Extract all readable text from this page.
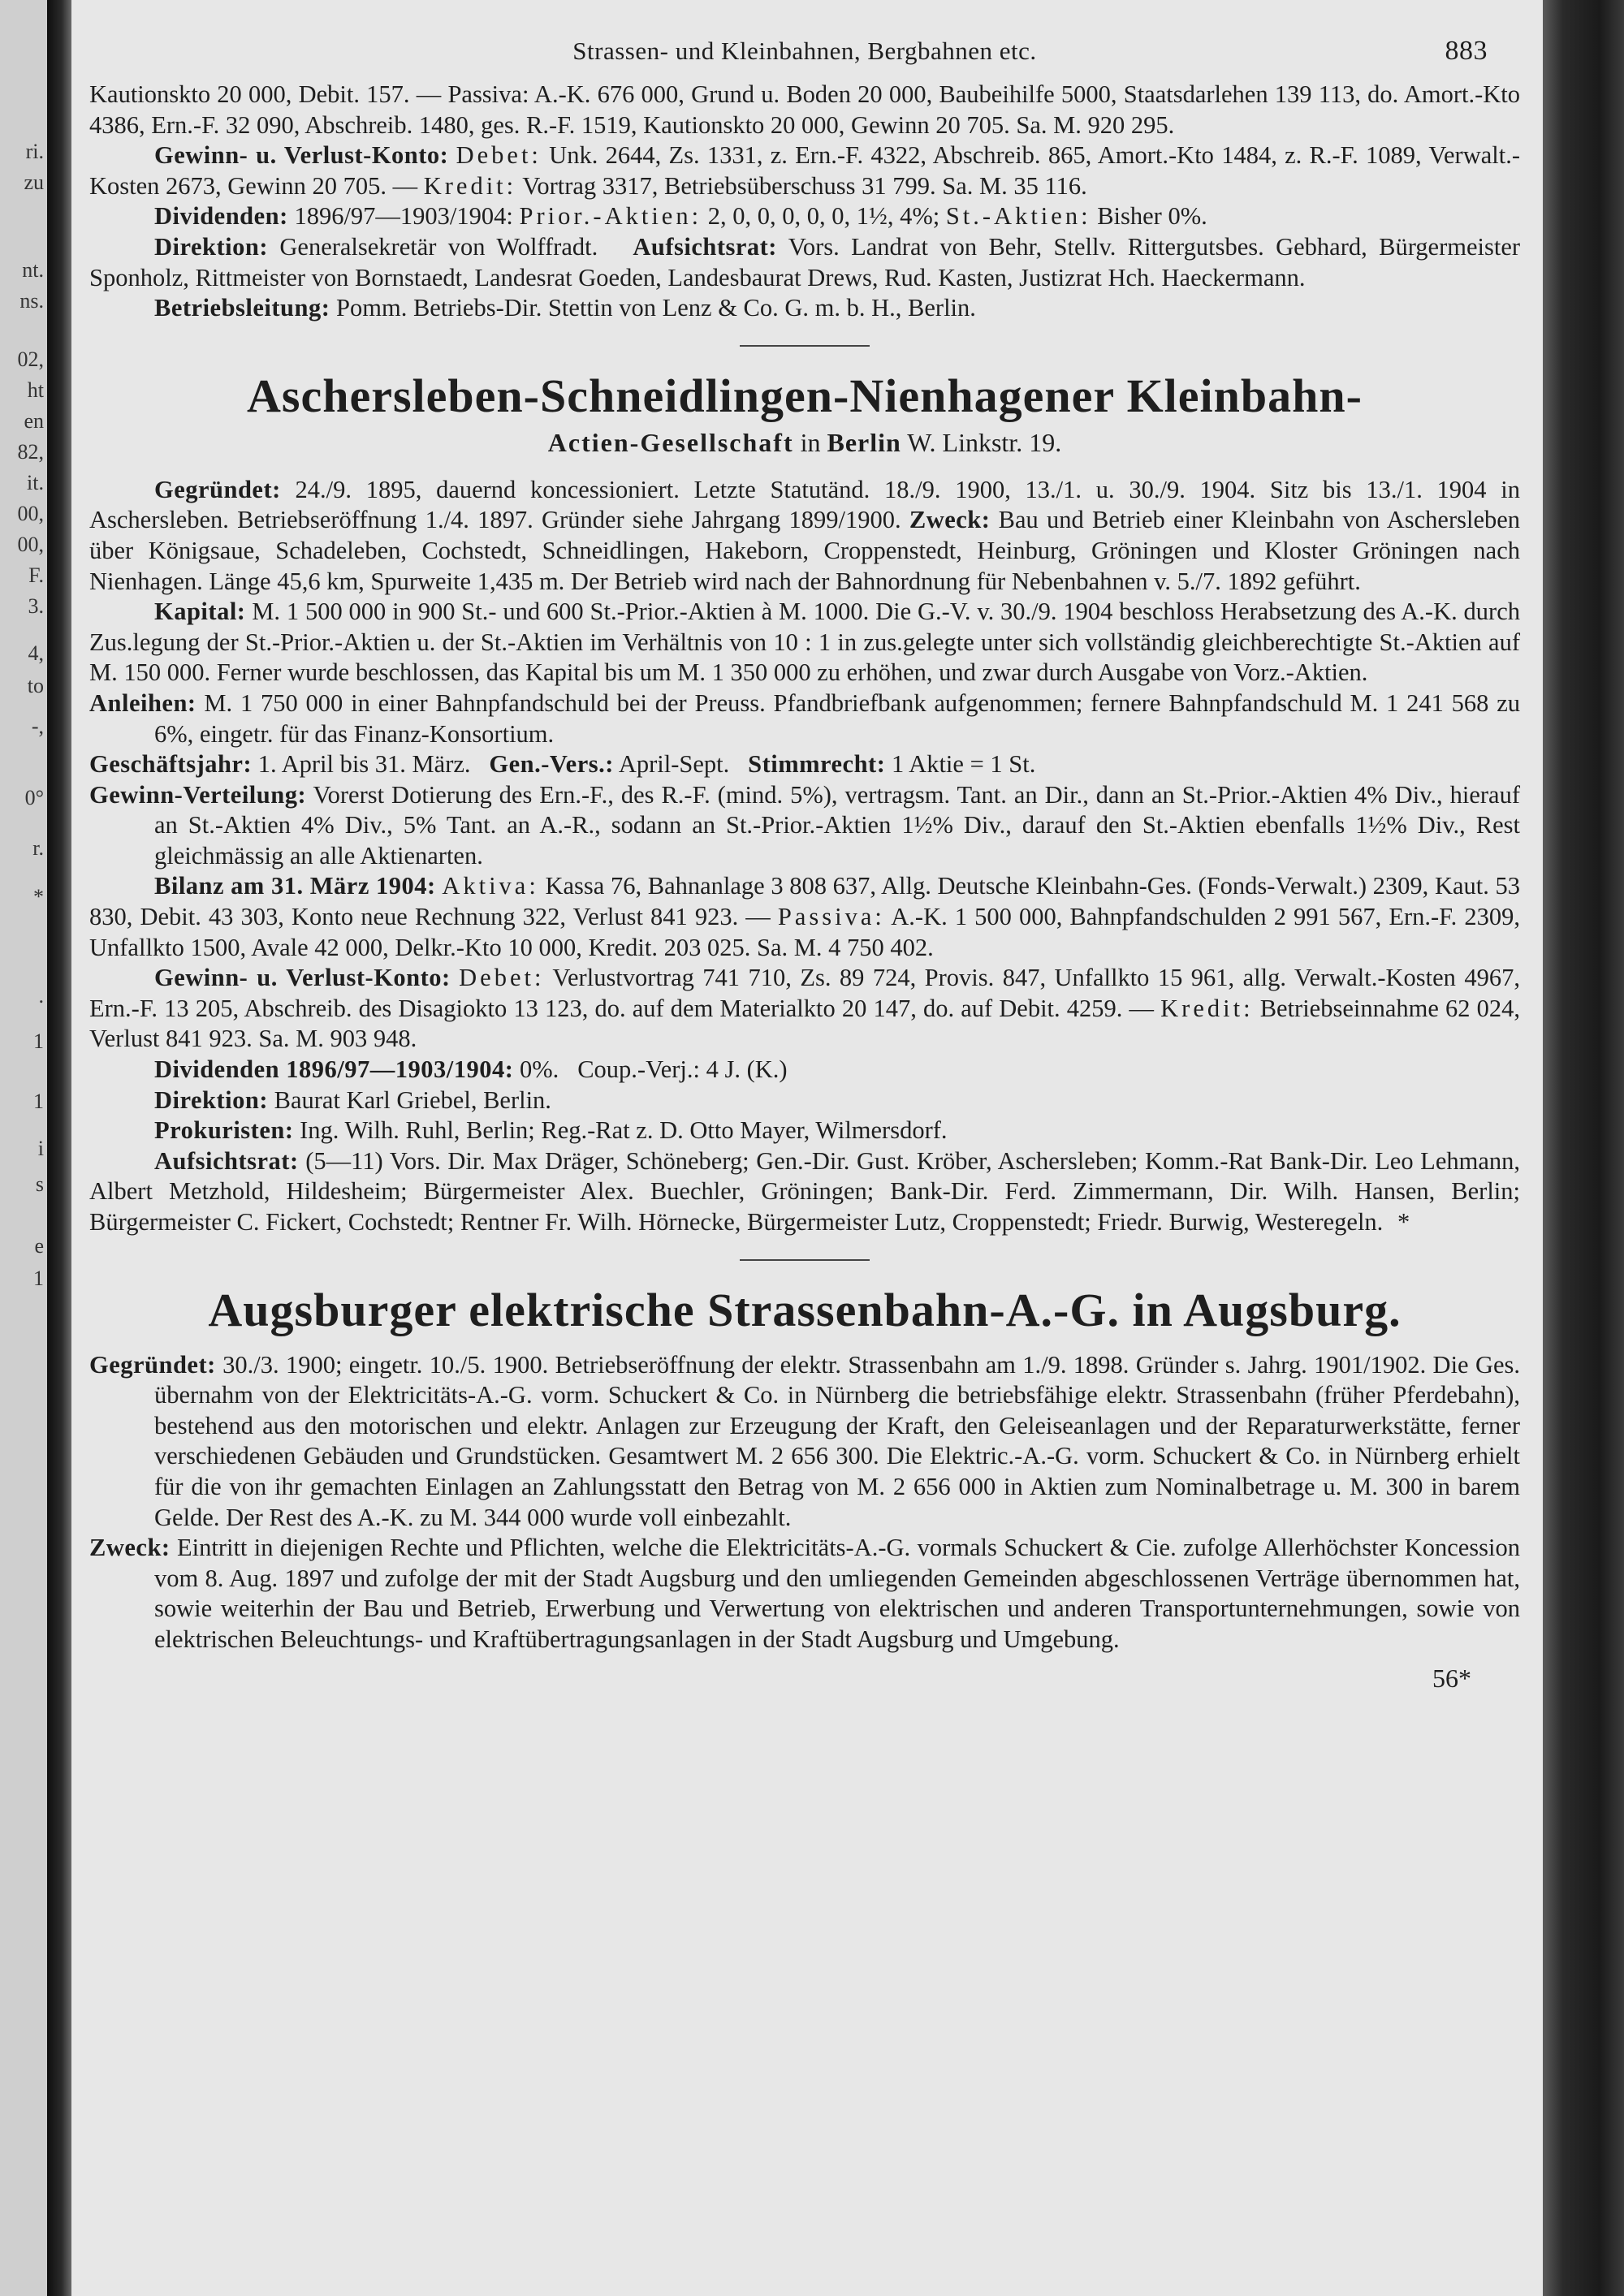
ri.
zu
nt.
ns.
02,
ht
en
82,
it.
00,
00,
F.
3.
4,
to
-,
0°
r.
*
.
1
1
i
s
e
1
Strassen- und Kleinbahnen, Bergbahnen etc.	883

Kautionskto 20 000, Debit. 157. — Passiva: A.-K. 676 000, Grund u. Boden 20 000, Baubeihilfe 5000, Staatsdarlehen 139 113, do. Amort.-Kto 4386, Ern.-F. 32 090, Abschreib. 1480, ges. R.-F. 1519, Kautionskto 20 000, Gewinn 20 705. Sa. M. 920 295.

Gewinn- u. Verlust-Konto: Debet: Unk. 2644, Zs. 1331, z. Ern.-F. 4322, Abschreib. 865, Amort.-Kto 1484, z. R.-F. 1089, Verwalt.-Kosten 2673, Gewinn 20 705. — Kredit: Vortrag 3317, Betriebsüberschuss 31 799. Sa. M. 35 116.

Dividenden: 1896/97—1903/1904: Prior.-Aktien: 2, 0, 0, 0, 0, 0, 1½, 4%; St.-Aktien: Bisher 0%.

Direktion: Generalsekretär von Wolffradt. Aufsichtsrat: Vors. Landrat von Behr, Stellv. Rittergutsbes. Gebhard, Bürgermeister Sponholz, Rittmeister von Bornstaedt, Landesrat Goeden, Landesbaurat Drews, Rud. Kasten, Justizrat Hch. Haeckermann.

Betriebsleitung: Pomm. Betriebs-Dir. Stettin von Lenz & Co. G. m. b. H., Berlin.

Aschersleben-Schneidlingen-Nienhagener Kleinbahn-
Actien-Gesellschaft in Berlin W. Linkstr. 19.

Gegründet: 24./9. 1895, dauernd koncessioniert. Letzte Statutänd. 18./9. 1900, 13./1. u. 30./9. 1904. Sitz bis 13./1. 1904 in Aschersleben. Betriebseröffnung 1./4. 1897. Gründer siehe Jahrgang 1899/1900. Zweck: Bau und Betrieb einer Kleinbahn von Aschersleben über Königsaue, Schadeleben, Cochstedt, Schneidlingen, Hakeborn, Croppenstedt, Heinburg, Gröningen und Kloster Gröningen nach Nienhagen. Länge 45,6 km, Spurweite 1,435 m. Der Betrieb wird nach der Bahnordnung für Nebenbahnen v. 5./7. 1892 geführt.

Kapital: M. 1 500 000 in 900 St.- und 600 St.-Prior.-Aktien à M. 1000. Die G.-V. v. 30./9. 1904 beschloss Herabsetzung des A.-K. durch Zus.legung der St.-Prior.-Aktien u. der St.-Aktien im Verhältnis von 10 : 1 in zus.gelegte unter sich vollständig gleichberechtigte St.-Aktien auf M. 150 000. Ferner wurde beschlossen, das Kapital bis um M. 1 350 000 zu erhöhen, und zwar durch Ausgabe von Vorz.-Aktien.

Anleihen: M. 1 750 000 in einer Bahnpfandschuld bei der Preuss. Pfandbriefbank aufgenommen; fernere Bahnpfandschuld M. 1 241 568 zu 6%, eingetr. für das Finanz-Konsortium.

Geschäftsjahr: 1. April bis 31. März. Gen.-Vers.: April-Sept. Stimmrecht: 1 Aktie = 1 St.

Gewinn-Verteilung: Vorerst Dotierung des Ern.-F., des R.-F. (mind. 5%), vertragsm. Tant. an Dir., dann an St.-Prior.-Aktien 4% Div., hierauf an St.-Aktien 4% Div., 5% Tant. an A.-R., sodann an St.-Prior.-Aktien 1½% Div., darauf den St.-Aktien ebenfalls 1½% Div., Rest gleichmässig an alle Aktienarten.

Bilanz am 31. März 1904: Aktiva: Kassa 76, Bahnanlage 3 808 637, Allg. Deutsche Kleinbahn-Ges. (Fonds-Verwalt.) 2309, Kaut. 53 830, Debit. 43 303, Konto neue Rechnung 322, Verlust 841 923. — Passiva: A.-K. 1 500 000, Bahnpfandschulden 2 991 567, Ern.-F. 2309, Unfallkto 1500, Avale 42 000, Delkr.-Kto 10 000, Kredit. 203 025. Sa. M. 4 750 402.

Gewinn- u. Verlust-Konto: Debet: Verlustvortrag 741 710, Zs. 89 724, Provis. 847, Unfallkto 15 961, allg. Verwalt.-Kosten 4967, Ern.-F. 13 205, Abschreib. des Disagiokto 13 123, do. auf dem Materialkto 20 147, do. auf Debit. 4259. — Kredit: Betriebseinnahme 62 024, Verlust 841 923. Sa. M. 903 948.

Dividenden 1896/97—1903/1904: 0%. Coup.-Verj.: 4 J. (K.)

Direktion: Baurat Karl Griebel, Berlin.

Prokuristen: Ing. Wilh. Ruhl, Berlin; Reg.-Rat z. D. Otto Mayer, Wilmersdorf.

Aufsichtsrat: (5—11) Vors. Dir. Max Dräger, Schöneberg; Gen.-Dir. Gust. Kröber, Aschersleben; Komm.-Rat Bank-Dir. Leo Lehmann, Albert Metzhold, Hildesheim; Bürgermeister Alex. Buechler, Gröningen; Bank-Dir. Ferd. Zimmermann, Dir. Wilh. Hansen, Berlin; Bürgermeister C. Fickert, Cochstedt; Rentner Fr. Wilh. Hörnecke, Bürgermeister Lutz, Croppenstedt; Friedr. Burwig, Westeregeln. *

Augsburger elektrische Strassenbahn-A.-G. in Augsburg.

Gegründet: 30./3. 1900; eingetr. 10./5. 1900. Betriebseröffnung der elektr. Strassenbahn am 1./9. 1898. Gründer s. Jahrg. 1901/1902. Die Ges. übernahm von der Elektricitäts-A.-G. vorm. Schuckert & Co. in Nürnberg die betriebsfähige elektr. Strassenbahn (früher Pferdebahn), bestehend aus den motorischen und elektr. Anlagen zur Erzeugung der Kraft, den Geleiseanlagen und der Reparaturwerkstätte, ferner verschiedenen Gebäuden und Grundstücken. Gesamtwert M. 2 656 300. Die Elektric.-A.-G. vorm. Schuckert & Co. in Nürnberg erhielt für die von ihr gemachten Einlagen an Zahlungsstatt den Betrag von M. 2 656 000 in Aktien zum Nominalbetrage u. M. 300 in barem Gelde. Der Rest des A.-K. zu M. 344 000 wurde voll einbezahlt.

Zweck: Eintritt in diejenigen Rechte und Pflichten, welche die Elektricitäts-A.-G. vormals Schuckert & Cie. zufolge Allerhöchster Koncession vom 8. Aug. 1897 und zufolge der mit der Stadt Augsburg und den umliegenden Gemeinden abgeschlossenen Verträge übernommen hat, sowie weiterhin der Bau und Betrieb, Erwerbung und Verwertung von elektrischen und anderen Transportunternehmungen, sowie von elektrischen Beleuchtungs- und Kraftübertragungsanlagen in der Stadt Augsburg und Umgebung.

56*
